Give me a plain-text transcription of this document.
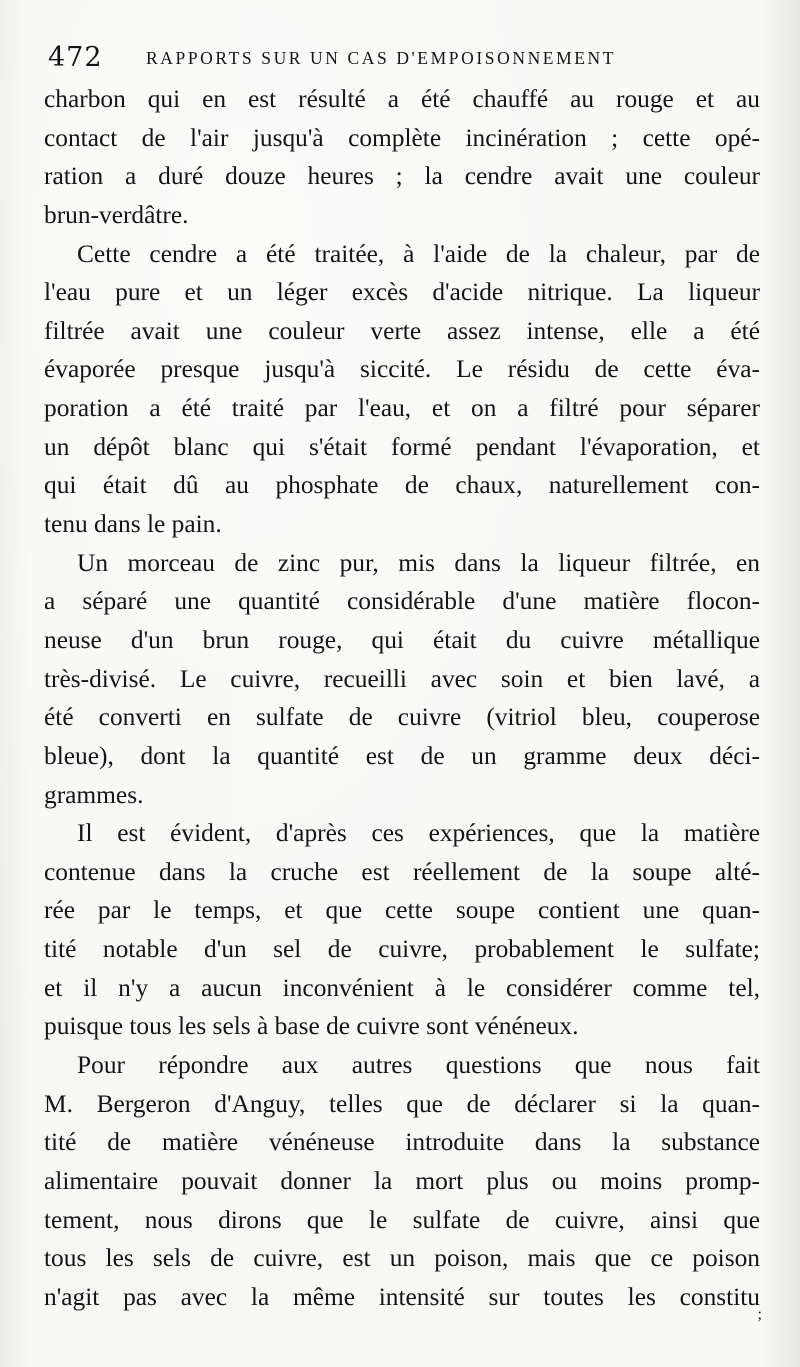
472 RAPPORTS SUR UN CAS D'EMPOISONNEMENT
charbon qui en est résulté a été chauffé au rouge et au
contact de l'air jusqu'à complète incinération ; cette opé-
ration a duré douze heures ; la cendre avait une couleur
brun-verdâtre.
Cette cendre a été traitée, à l'aide de la chaleur, par de
l'eau pure et un léger excès d'acide nitrique. La liqueur
filtrée avait une couleur verte assez intense, elle a été
évaporée presque jusqu'à siccité. Le résidu de cette éva-
poration a été traité par l'eau, et on a filtré pour séparer
un dépôt blanc qui s'était formé pendant l'évaporation, et
qui était dû au phosphate de chaux, naturellement con-
tenu dans le pain.
Un morceau de zinc pur, mis dans la liqueur filtrée, en
a séparé une quantité considérable d'une matière flocon-
neuse d'un brun rouge, qui était du cuivre métallique
très-divisé. Le cuivre, recueilli avec soin et bien lavé, a
été converti en sulfate de cuivre (vitriol bleu, couperose
bleue), dont la quantité est de un gramme deux déci-
grammes.
Il est évident, d'après ces expériences, que la matière
contenue dans la cruche est réellement de la soupe alté-
rée par le temps, et que cette soupe contient une quan-
tité notable d'un sel de cuivre, probablement le sulfate;
et il n'y a aucun inconvénient à le considérer comme tel,
puisque tous les sels à base de cuivre sont vénéneux.
Pour répondre aux autres questions que nous fait
M. Bergeron d'Anguy, telles que de déclarer si la quan-
tité de matière vénéneuse introduite dans la substance
alimentaire pouvait donner la mort plus ou moins promp-
tement, nous dirons que le sulfate de cuivre, ainsi que
tous les sels de cuivre, est un poison, mais que ce poison
n'agit pas avec la même intensité sur toutes les constitu
;
